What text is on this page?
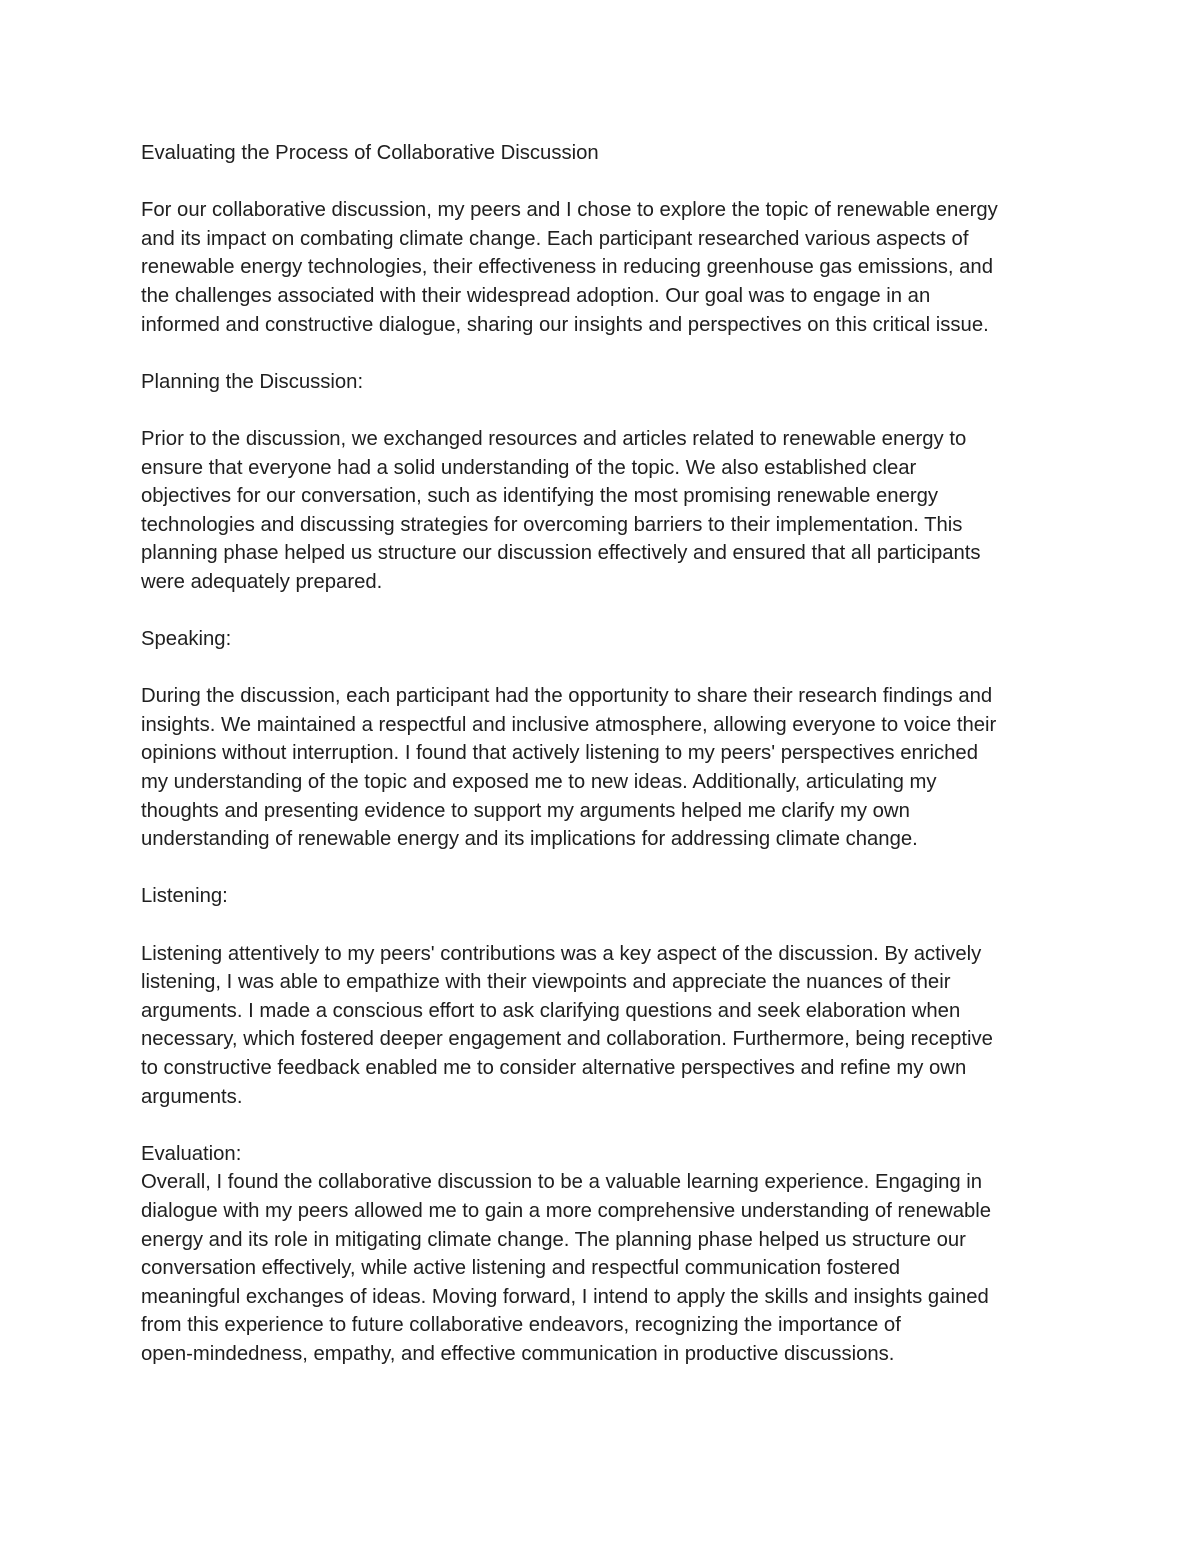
Evaluating the Process of Collaborative Discussion

For our collaborative discussion, my peers and I chose to explore the topic of renewable energy
and its impact on combating climate change. Each participant researched various aspects of
renewable energy technologies, their effectiveness in reducing greenhouse gas emissions, and
the challenges associated with their widespread adoption. Our goal was to engage in an
informed and constructive dialogue, sharing our insights and perspectives on this critical issue.

Planning the Discussion:

Prior to the discussion, we exchanged resources and articles related to renewable energy to
ensure that everyone had a solid understanding of the topic. We also established clear
objectives for our conversation, such as identifying the most promising renewable energy
technologies and discussing strategies for overcoming barriers to their implementation. This
planning phase helped us structure our discussion effectively and ensured that all participants
were adequately prepared.

Speaking:

During the discussion, each participant had the opportunity to share their research findings and
insights. We maintained a respectful and inclusive atmosphere, allowing everyone to voice their
opinions without interruption. I found that actively listening to my peers' perspectives enriched
my understanding of the topic and exposed me to new ideas. Additionally, articulating my
thoughts and presenting evidence to support my arguments helped me clarify my own
understanding of renewable energy and its implications for addressing climate change.

Listening:

Listening attentively to my peers' contributions was a key aspect of the discussion. By actively
listening, I was able to empathize with their viewpoints and appreciate the nuances of their
arguments. I made a conscious effort to ask clarifying questions and seek elaboration when
necessary, which fostered deeper engagement and collaboration. Furthermore, being receptive
to constructive feedback enabled me to consider alternative perspectives and refine my own
arguments.

Evaluation:

Overall, I found the collaborative discussion to be a valuable learning experience. Engaging in
dialogue with my peers allowed me to gain a more comprehensive understanding of renewable
energy and its role in mitigating climate change. The planning phase helped us structure our
conversation effectively, while active listening and respectful communication fostered
meaningful exchanges of ideas. Moving forward, I intend to apply the skills and insights gained
from this experience to future collaborative endeavors, recognizing the importance of
open-mindedness, empathy, and effective communication in productive discussions.
